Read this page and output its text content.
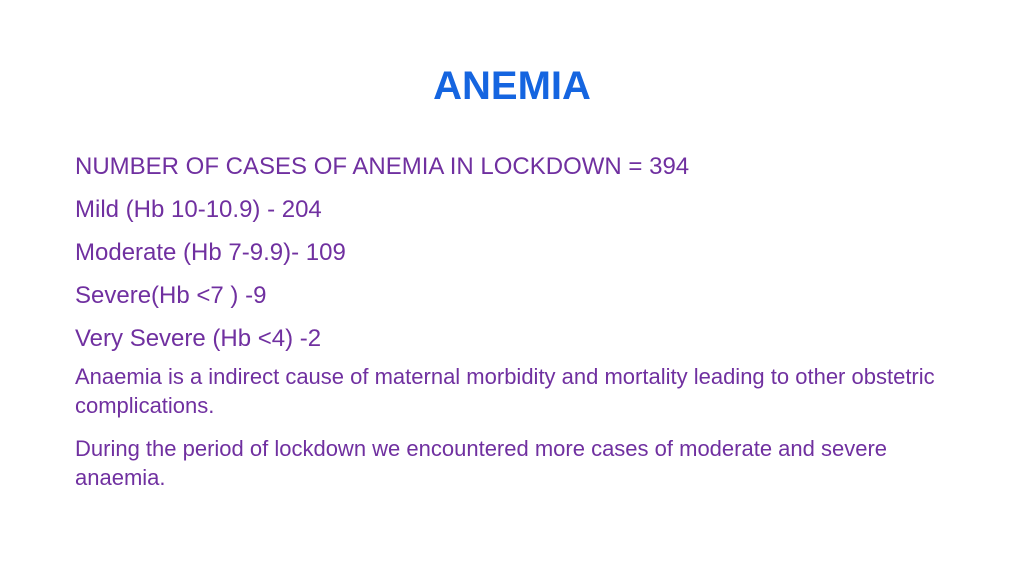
ANEMIA

NUMBER OF CASES OF ANEMIA IN LOCKDOWN = 394

Mild (Hb 10-10.9) - 204

Moderate (Hb 7-9.9)- 109

Severe(Hb <7 ) -9

Very Severe (Hb <4) -2

Anaemia is a indirect cause of maternal morbidity and mortality leading to other obstetric complications.

During the period of lockdown we encountered more cases of moderate and severe anaemia.
